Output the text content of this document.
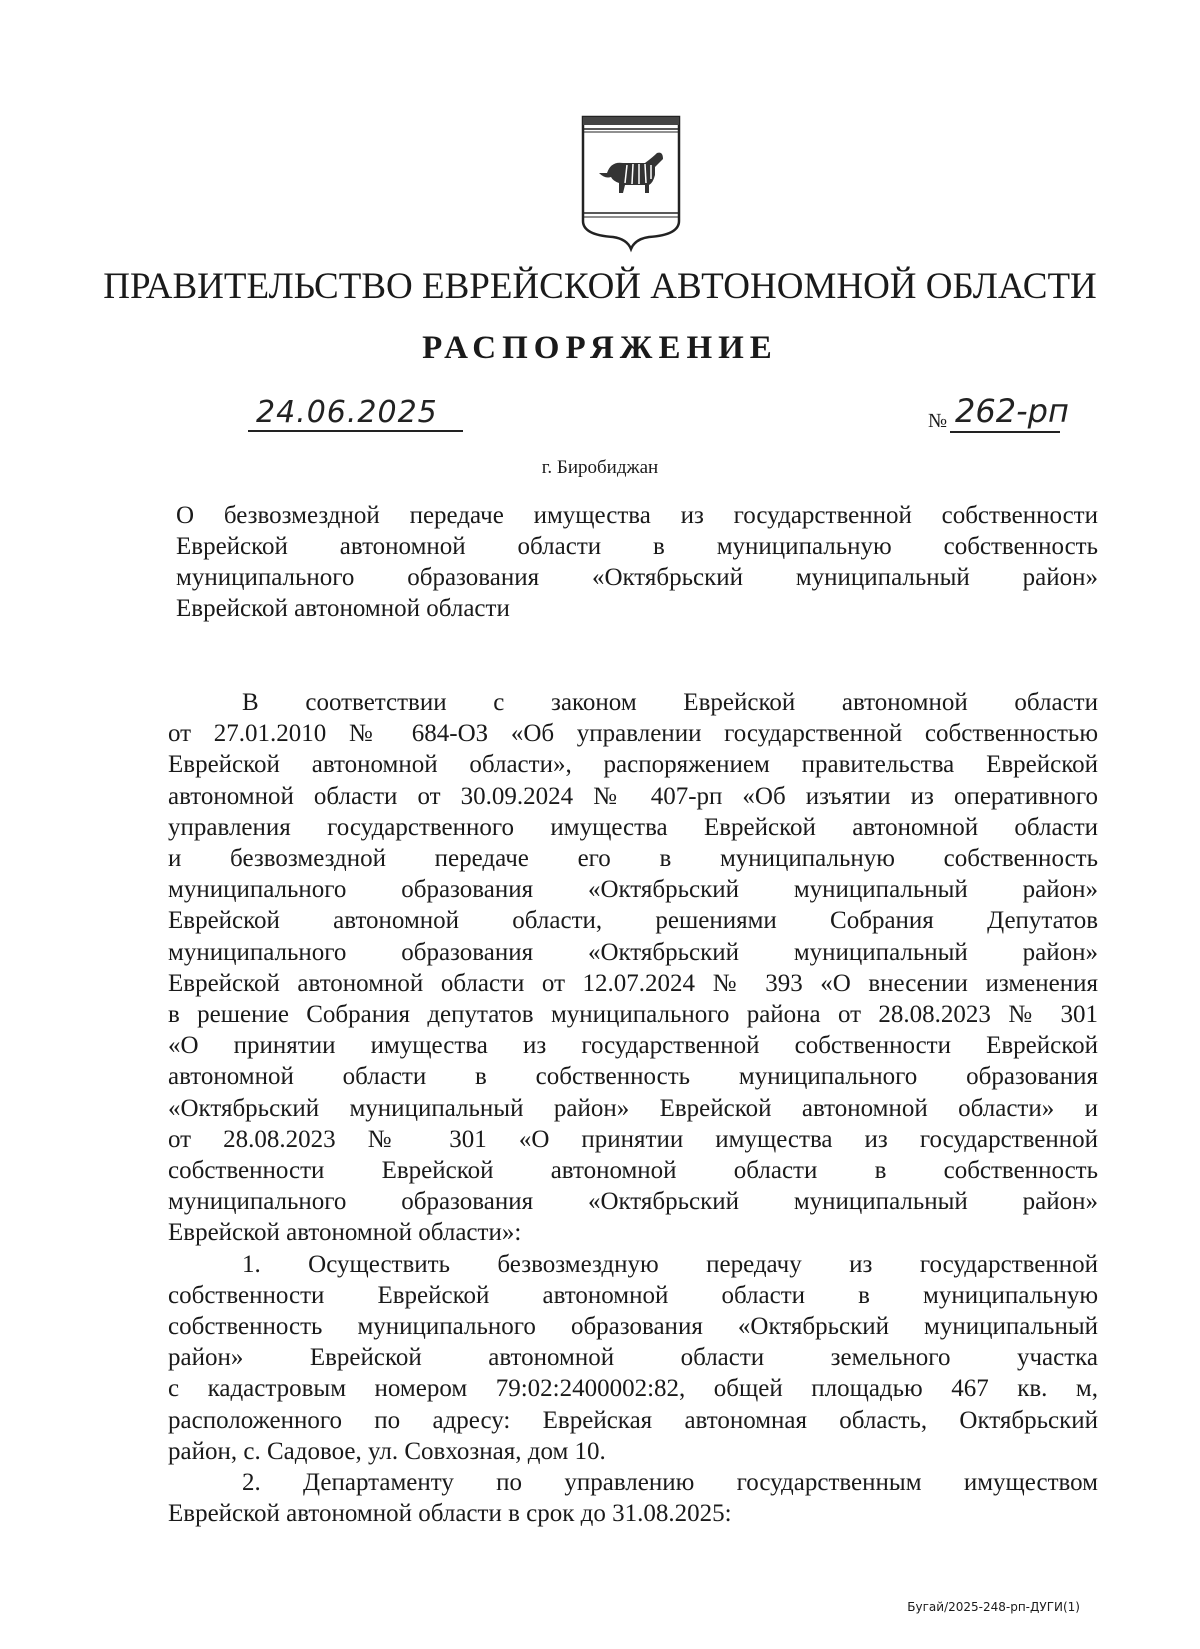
ПРАВИТЕЛЬСТВО ЕВРЕЙСКОЙ АВТОНОМНОЙ ОБЛАСТИ
РАСПОРЯЖЕНИЕ
24.06.2025	№ 262-рп
г. Биробиджан
О безвозмездной передаче имущества из государственной собственности
Еврейской автономной области в муниципальную собственность
муниципального образования «Октябрьский муниципальный район»
Еврейской автономной области
В соответствии с законом Еврейской автономной области
от 27.01.2010 № 684-ОЗ «Об управлении государственной собственностью
Еврейской автономной области», распоряжением правительства Еврейской
автономной области от 30.09.2024 № 407-рп «Об изъятии из оперативного
управления государственного имущества Еврейской автономной области
и безвозмездной передаче его в муниципальную собственность
муниципального образования «Октябрьский муниципальный район»
Еврейской автономной области, решениями Собрания Депутатов
муниципального образования «Октябрьский муниципальный район»
Еврейской автономной области от 12.07.2024 № 393 «О внесении изменения
в решение Собрания депутатов муниципального района от 28.08.2023 № 301
«О принятии имущества из государственной собственности Еврейской
автономной области в собственность муниципального образования
«Октябрьский муниципальный район» Еврейской автономной области» и
от 28.08.2023 № 301 «О принятии имущества из государственной
собственности Еврейской автономной области в собственность
муниципального образования «Октябрьский муниципальный район»
Еврейской автономной области»:
1. Осуществить безвозмездную передачу из государственной
собственности Еврейской автономной области в муниципальную
собственность муниципального образования «Октябрьский муниципальный
район» Еврейской автономной области земельного участка
с кадастровым номером 79:02:2400002:82, общей площадью 467 кв. м,
расположенного по адресу: Еврейская автономная область, Октябрьский
район, с. Садовое, ул. Совхозная, дом 10.
2. Департаменту по управлению государственным имуществом
Еврейской автономной области в срок до 31.08.2025:
Бугай/2025-248-рп-ДУГИ(1)
